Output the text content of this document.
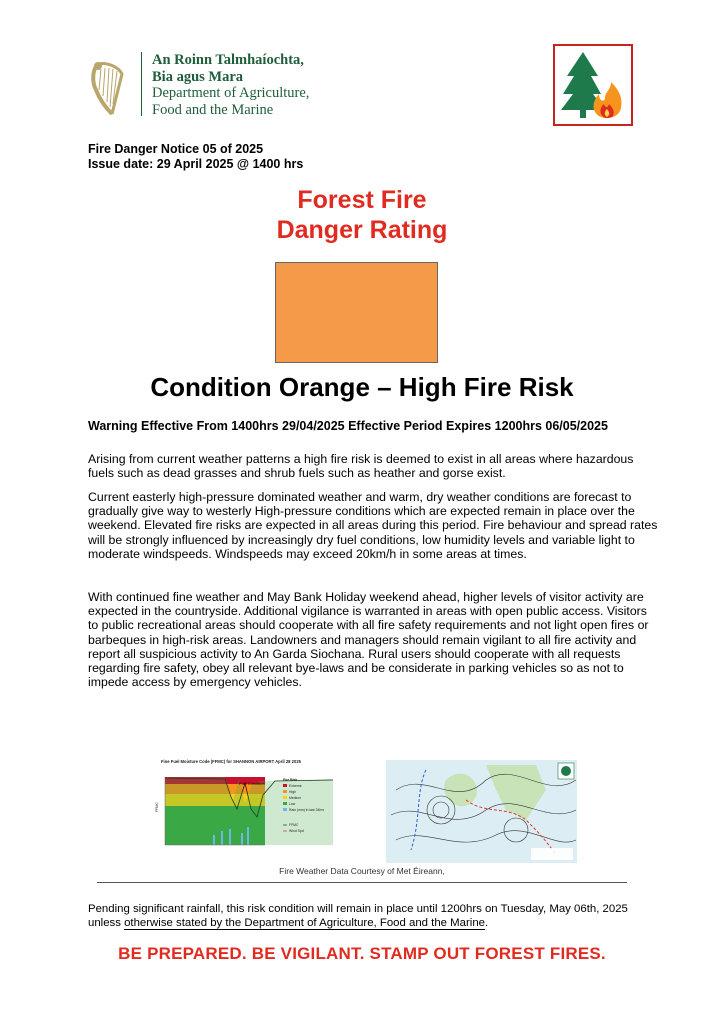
An Roinn Talmhaíochta,
Bia agus Mara
Department of Agriculture,
Food and the Marine
Fire Danger Notice 05 of 2025
Issue date: 29 April 2025 @ 1400 hrs
Forest Fire
Danger Rating
Condition Orange – High Fire Risk
Warning Effective From 1400hrs 29/04/2025 Effective Period Expires 1200hrs 06/05/2025
Arising from current weather patterns a high fire risk is deemed to exist in all areas where hazardous fuels such as dead grasses and shrub fuels such as heather and gorse exist.
Current easterly high-pressure dominated weather and warm, dry weather conditions are forecast to gradually give way to westerly High-pressure conditions which are expected remain in place over the weekend. Elevated fire risks are expected in all areas during this period. Fire behaviour and spread rates will be strongly influenced by increasingly dry fuel conditions, low humidity levels and variable light to moderate windspeeds. Windspeeds may exceed 20km/h in some areas at times.
With continued fine weather and May Bank Holiday weekend ahead, higher levels of visitor activity are expected in the countryside. Additional vigilance is warranted in areas with open public access. Visitors to public recreational areas should cooperate with all fire safety requirements and not light open fires or barbeques in high-risk areas. Landowners and managers should remain vigilant to all fire activity and report all suspicious activity to An Garda Siochana. Rural users should cooperate with all requests regarding fire safety, obey all relevant bye-laws and be considerate in parking vehicles so as not to impede access by emergency vehicles.
Fine Fuel Moisture Code (FFMC) for SHANNON AIRPORT April 28 2025
FFMC
Fuel Condition
Fire Risk
Extreme
High
Medium
Low
Rain (mm) in last 24hrs
FFMC
Wind Spd
Fire Weather Data Courtesy of Met Éireann,
Pending significant rainfall, this risk condition will remain in place until 1200hrs on Tuesday, May 06th, 2025 unless otherwise stated by the Department of Agriculture, Food and the Marine.
BE PREPARED. BE VIGILANT. STAMP OUT FOREST FIRES.
